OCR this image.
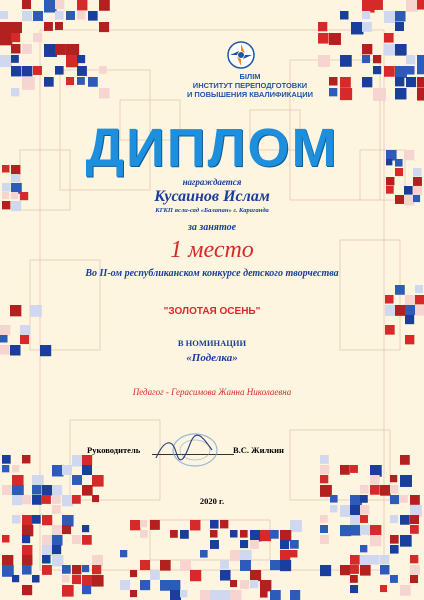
БІЛІМ
ИНСТИТУТ ПЕРЕПОДГОТОВКИ
И ПОВЫШЕНИЯ КВАЛИФИКАЦИИ
ДИПЛОМ
награждается
Кусаинов Ислам
КГКП ясли-сад «Балапан» г. Караганда
за занятое
1 место
Во II-ом республиканском конкурсе детского творчества
"ЗОЛОТАЯ ОСЕНЬ"
В НОМИНАЦИИ
«Поделка»
Педагог - Герасимова Жанна Николаевна
Руководитель	В.С. Жилкин
2020 г.
